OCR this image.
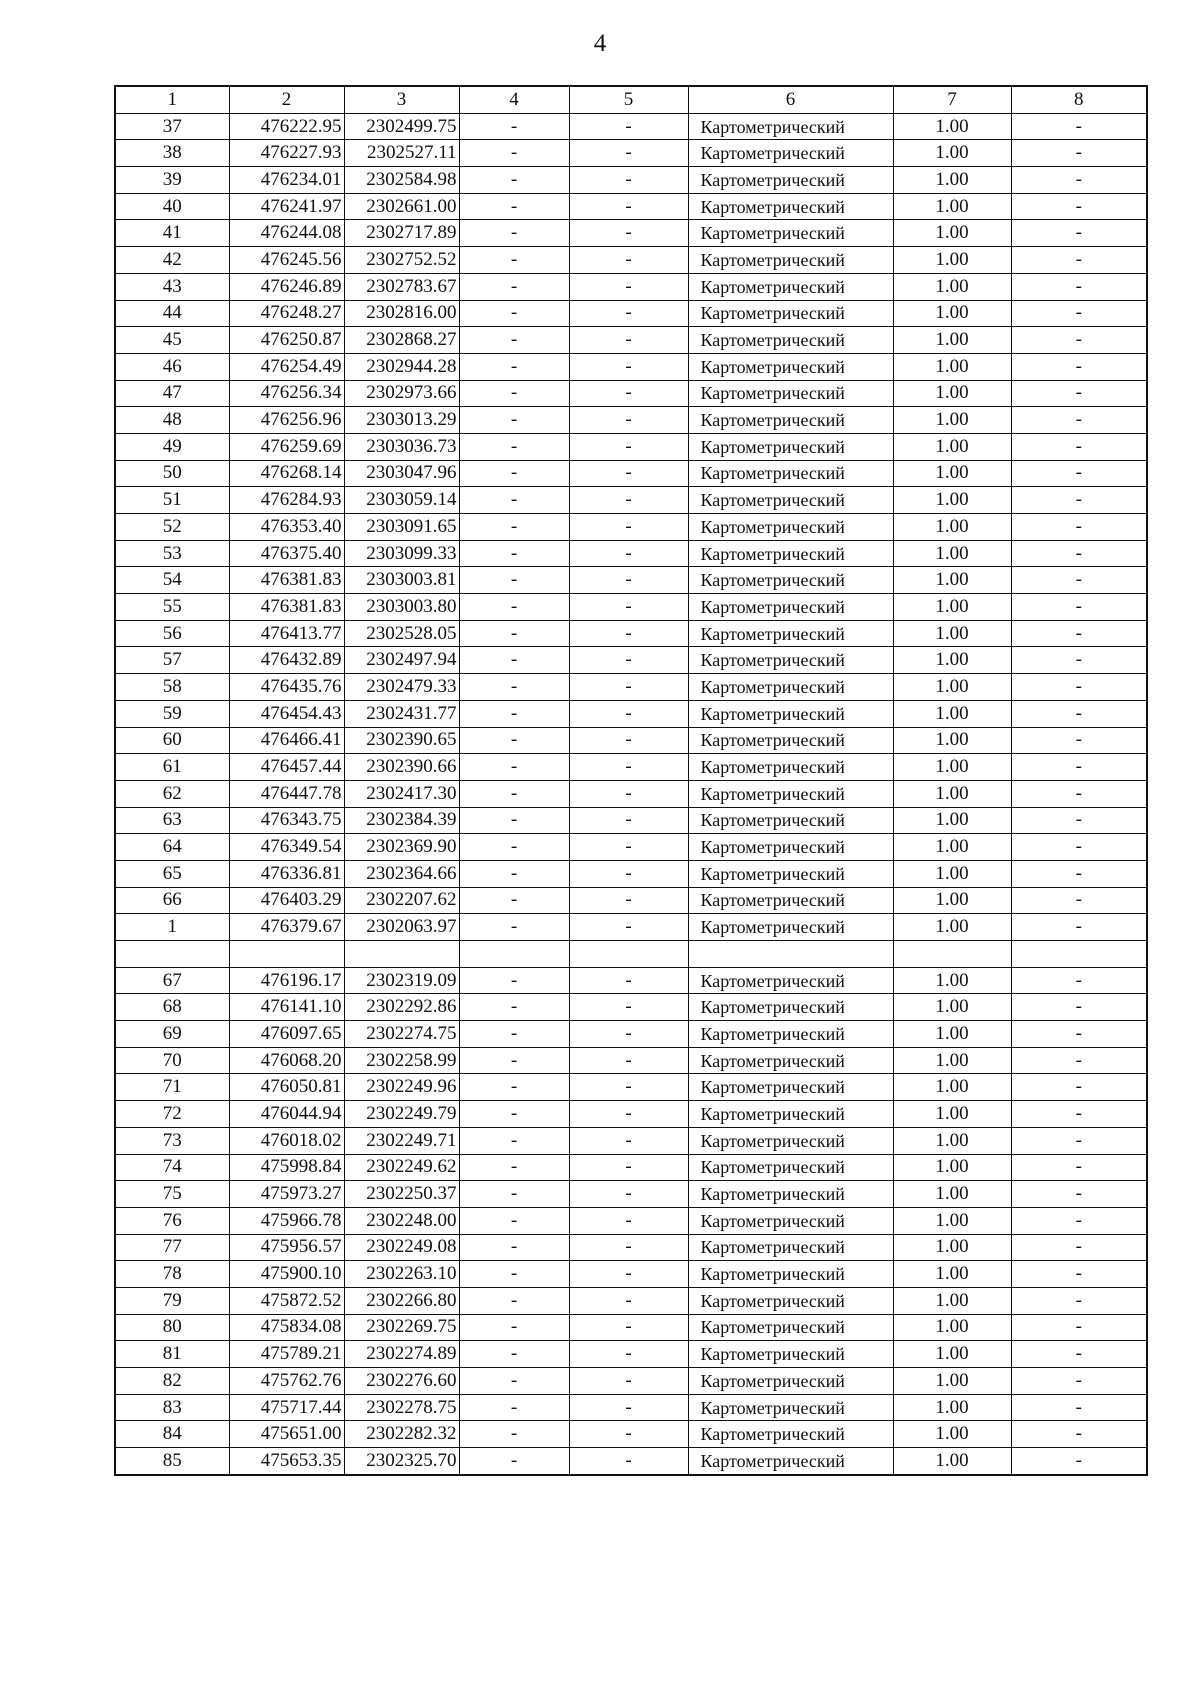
4
1	2	3	4	5	6	7	8
37	476222.95	2302499.75	-	-	Картометрический	1.00	-
38	476227.93	2302527.11	-	-	Картометрический	1.00	-
39	476234.01	2302584.98	-	-	Картометрический	1.00	-
40	476241.97	2302661.00	-	-	Картометрический	1.00	-
41	476244.08	2302717.89	-	-	Картометрический	1.00	-
42	476245.56	2302752.52	-	-	Картометрический	1.00	-
43	476246.89	2302783.67	-	-	Картометрический	1.00	-
44	476248.27	2302816.00	-	-	Картометрический	1.00	-
45	476250.87	2302868.27	-	-	Картометрический	1.00	-
46	476254.49	2302944.28	-	-	Картометрический	1.00	-
47	476256.34	2302973.66	-	-	Картометрический	1.00	-
48	476256.96	2303013.29	-	-	Картометрический	1.00	-
49	476259.69	2303036.73	-	-	Картометрический	1.00	-
50	476268.14	2303047.96	-	-	Картометрический	1.00	-
51	476284.93	2303059.14	-	-	Картометрический	1.00	-
52	476353.40	2303091.65	-	-	Картометрический	1.00	-
53	476375.40	2303099.33	-	-	Картометрический	1.00	-
54	476381.83	2303003.81	-	-	Картометрический	1.00	-
55	476381.83	2303003.80	-	-	Картометрический	1.00	-
56	476413.77	2302528.05	-	-	Картометрический	1.00	-
57	476432.89	2302497.94	-	-	Картометрический	1.00	-
58	476435.76	2302479.33	-	-	Картометрический	1.00	-
59	476454.43	2302431.77	-	-	Картометрический	1.00	-
60	476466.41	2302390.65	-	-	Картометрический	1.00	-
61	476457.44	2302390.66	-	-	Картометрический	1.00	-
62	476447.78	2302417.30	-	-	Картометрический	1.00	-
63	476343.75	2302384.39	-	-	Картометрический	1.00	-
64	476349.54	2302369.90	-	-	Картометрический	1.00	-
65	476336.81	2302364.66	-	-	Картометрический	1.00	-
66	476403.29	2302207.62	-	-	Картометрический	1.00	-
1	476379.67	2302063.97	-	-	Картометрический	1.00	-

67	476196.17	2302319.09	-	-	Картометрический	1.00	-
68	476141.10	2302292.86	-	-	Картометрический	1.00	-
69	476097.65	2302274.75	-	-	Картометрический	1.00	-
70	476068.20	2302258.99	-	-	Картометрический	1.00	-
71	476050.81	2302249.96	-	-	Картометрический	1.00	-
72	476044.94	2302249.79	-	-	Картометрический	1.00	-
73	476018.02	2302249.71	-	-	Картометрический	1.00	-
74	475998.84	2302249.62	-	-	Картометрический	1.00	-
75	475973.27	2302250.37	-	-	Картометрический	1.00	-
76	475966.78	2302248.00	-	-	Картометрический	1.00	-
77	475956.57	2302249.08	-	-	Картометрический	1.00	-
78	475900.10	2302263.10	-	-	Картометрический	1.00	-
79	475872.52	2302266.80	-	-	Картометрический	1.00	-
80	475834.08	2302269.75	-	-	Картометрический	1.00	-
81	475789.21	2302274.89	-	-	Картометрический	1.00	-
82	475762.76	2302276.60	-	-	Картометрический	1.00	-
83	475717.44	2302278.75	-	-	Картометрический	1.00	-
84	475651.00	2302282.32	-	-	Картометрический	1.00	-
85	475653.35	2302325.70	-	-	Картометрический	1.00	-
